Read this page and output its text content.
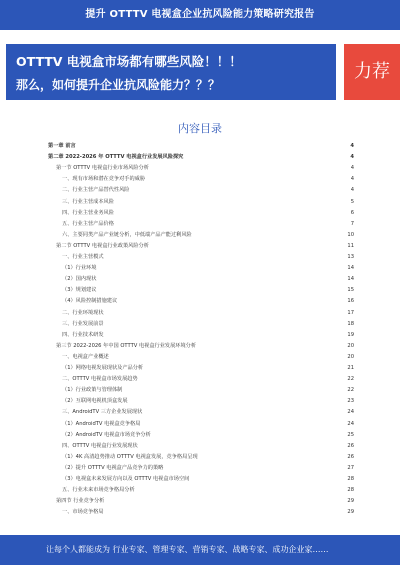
提升 OTTTV 电视盒企业抗风险能力策略研究报告
OTTTV 电视盒市场都有哪些风险！！！
那么，如何提升企业抗风险能力？？？
力荐
内容目录
第一章 前言	4
第二章 2022-2026 年 OTTTV 电视盒行业发展风险探究	4
第一节 OTTTV 电视盒行业市场风险分析	4
一、现有市场和潜在竞争对手的威胁	4
二、行业主营产品替代性风险	4
三、行业主营成本风险	5
四、行业主营业务风险	6
五、行业主营产品价格	7
六、主要同类产品产业链分析，中低端产品产能过剩风险	10
第二节 OTTTV 电视盒行业政策风险分析	11
一、行业主营模式	13
（1）行业环境	14
（2）国内现状	14
（3）规划建议	15
（4）风险控制措施建议	16
二、行业环境现状	17
三、行业发展前景	18
四、行业技术研发	19
第三节 2022-2026 年中国 OTTTV 电视盒行业发展环境分析	20
一、电视盒产业概述	20
（1）网络电视发展现状及产品分析	21
二、OTTTV 电视盒市场发展趋势	22
（1）行业政策与管理体制	22
（2）互联网电视机顶盒发展	23
三、AndroidTV 三方企业发展现状	24
（1）AndroidTV 电视盒竞争格局	24
（2）AndroidTV 电视盒市场竞争分析	25
四、OTTTV 电视盒行业发展现状	26
（1）4K 高清趋势推动 OTTTV 电视盒发展，竞争格局呈现	26
（2）提升 OTTTV 电视盒产品竞争力的策略	27
（3）电视盒未来发展方向以及 OTTTV 电视盒市场空间	28
五、行业未来市场竞争格局分析	28
第四节 行业竞争分析	29
一、市场竞争格局	29
让每个人都能成为 行业专家、管理专家、营销专家、战略专家、成功企业家……
